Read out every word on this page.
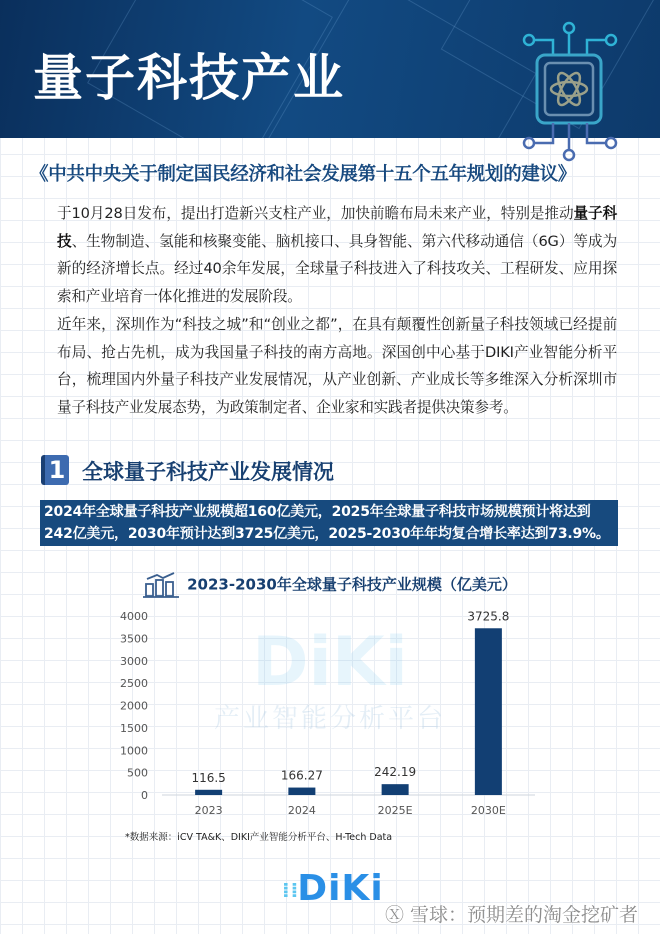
量子科技产业
《中共中央关于制定国民经济和社会发展第十五个五年规划的建议》
于10月28日发布，提出打造新兴支柱产业，加快前瞻布局未来产业，特别是推动量子科技、生物制造、氢能和核聚变能、脑机接口、具身智能、第六代移动通信（6G）等成为新的经济增长点。经过40余年发展，全球量子科技进入了科技攻关、工程研发、应用探索和产业培育一体化推进的发展阶段。
近年来，深圳作为“科技之城”和“创业之都”，在具有颠覆性创新量子科技领域已经提前布局、抢占先机，成为我国量子科技的南方高地。深国创中心基于DIKI产业智能分析平台，梳理国内外量子科技产业发展情况，从产业创新、产业成长等多维深入分析深圳市量子科技产业发展态势，为政策制定者、企业家和实践者提供决策参考。
1 全球量子科技产业发展情况
2024年全球量子科技产业规模超160亿美元，2025年全球量子科技市场规模预计将达到242亿美元，2030年预计达到3725亿美元，2025-2030年年均复合增长率达到73.9%。
2023-2030年全球量子科技产业规模（亿美元）
DiKi
产业智能分析平台
0
500
1000
1500
2000
2500
3000
3500
4000
116.5
2023
166.27
2024
242.19
2025E
3725.8
2030E
*数据来源：iCV TA&K、DIKI产业智能分析平台、H-Tech Data
⁞⁞DiKi
Ⓧ 雪球：预期差的淘金挖矿者
